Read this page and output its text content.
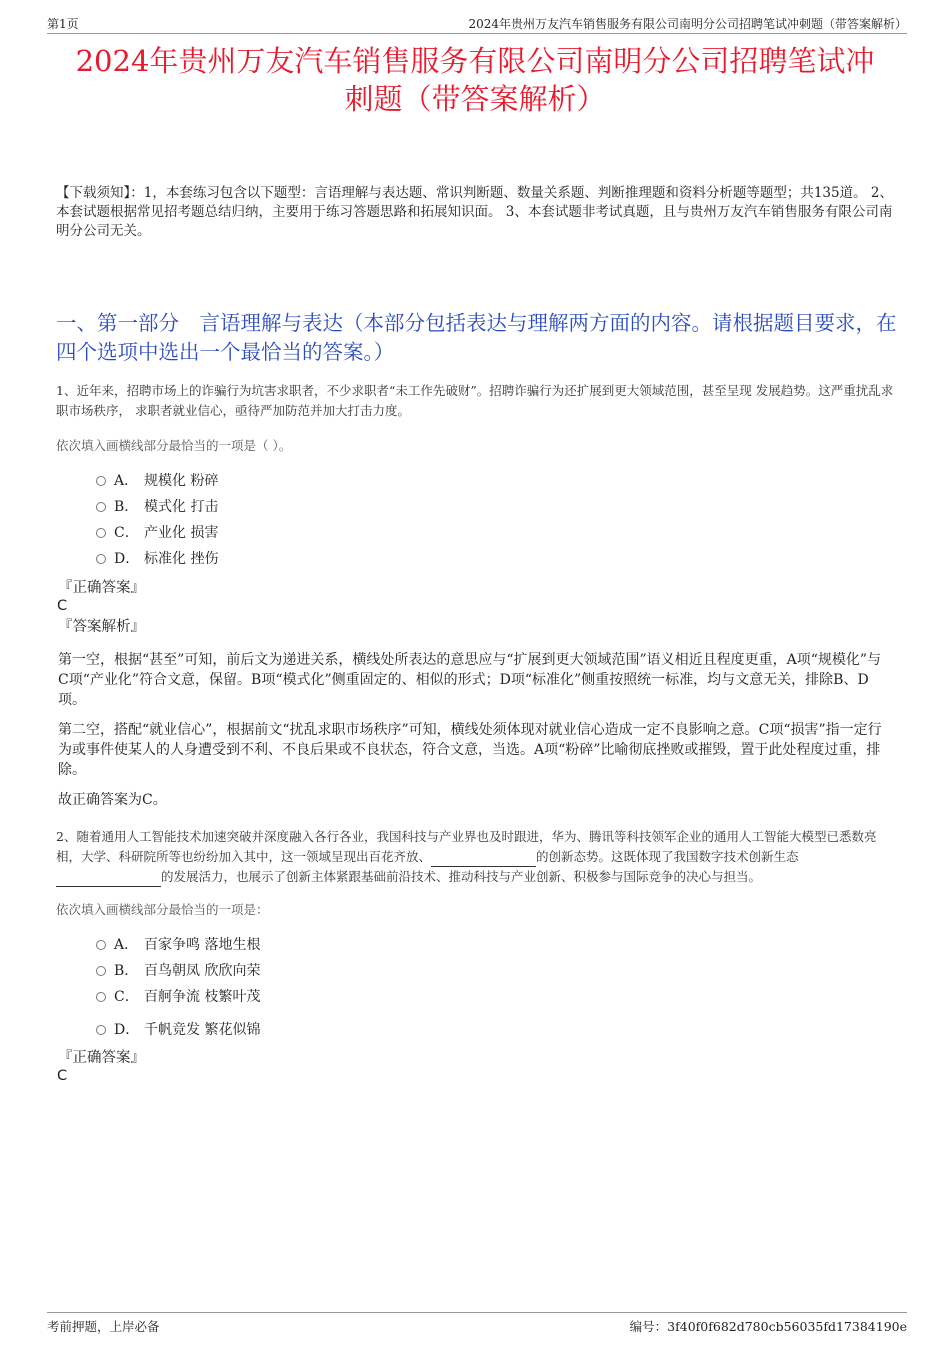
第1页	2024年贵州万友汽车销售服务有限公司南明分公司招聘笔试冲刺题（带答案解析）
2024年贵州万友汽车销售服务有限公司南明分公司招聘笔试冲
刺题（带答案解析）
【下载须知】：1，本套练习包含以下题型：言语理解与表达题、常识判断题、数量关系题、判断推理题和资料分析题等题型；共135道。 2、本套试题根据常见招考题总结归纳，主要用于练习答题思路和拓展知识面。 3、本套试题非考试真题，且与贵州万友汽车销售服务有限公司南明分公司无关。
一、第一部分　言语理解与表达（本部分包括表达与理解两方面的内容。请根据题目要求，在四个选项中选出一个最恰当的答案。）
1、近年来，招聘市场上的诈骗行为坑害求职者，不少求职者“未工作先破财”。招聘诈骗行为还扩展到更大领域范围，甚至呈现 发展趋势。这严重扰乱求职市场秩序， 求职者就业信心，亟待严加防范并加大打击力度。
依次填入画横线部分最恰当的一项是（ ）。
A． 规模化 粉碎
B． 模式化 打击
C． 产业化 损害
D． 标准化 挫伤
『正确答案』
C
『答案解析』
第一空，根据“甚至”可知，前后文为递进关系，横线处所表达的意思应与“扩展到更大领域范围”语义相近且程度更重，A项“规模化”与C项“产业化”符合文意，保留。B项“模式化”侧重固定的、相似的形式；D项“标准化”侧重按照统一标准，均与文意无关，排除B、D项。
第二空，搭配“就业信心”，根据前文“扰乱求职市场秩序”可知，横线处须体现对就业信心造成一定不良影响之意。C项“损害”指一定行为或事件使某人的人身遭受到不利、不良后果或不良状态，符合文意，当选。A项“粉碎”比喻彻底挫败或摧毁，置于此处程度过重，排除。
故正确答案为C。
2、随着通用人工智能技术加速突破并深度融入各行各业，我国科技与产业界也及时跟进，华为、腾讯等科技领军企业的通用人工智能大模型已悉数亮相，大学、科研院所等也纷纷加入其中，这一领域呈现出百花齐放、	的创新态势。这既体现了我国数字技术创新生态的发展活力，也展示了创新主体紧跟基础前沿技术、推动科技与产业创新、积极参与国际竞争的决心与担当。
依次填入画横线部分最恰当的一项是：
A． 百家争鸣 落地生根
B． 百鸟朝凤 欣欣向荣
C． 百舸争流 枝繁叶茂
D． 千帆竞发 繁花似锦
『正确答案』
C
考前押题，上岸必备	编号：3f40f0f682d780cb56035fd17384190e
